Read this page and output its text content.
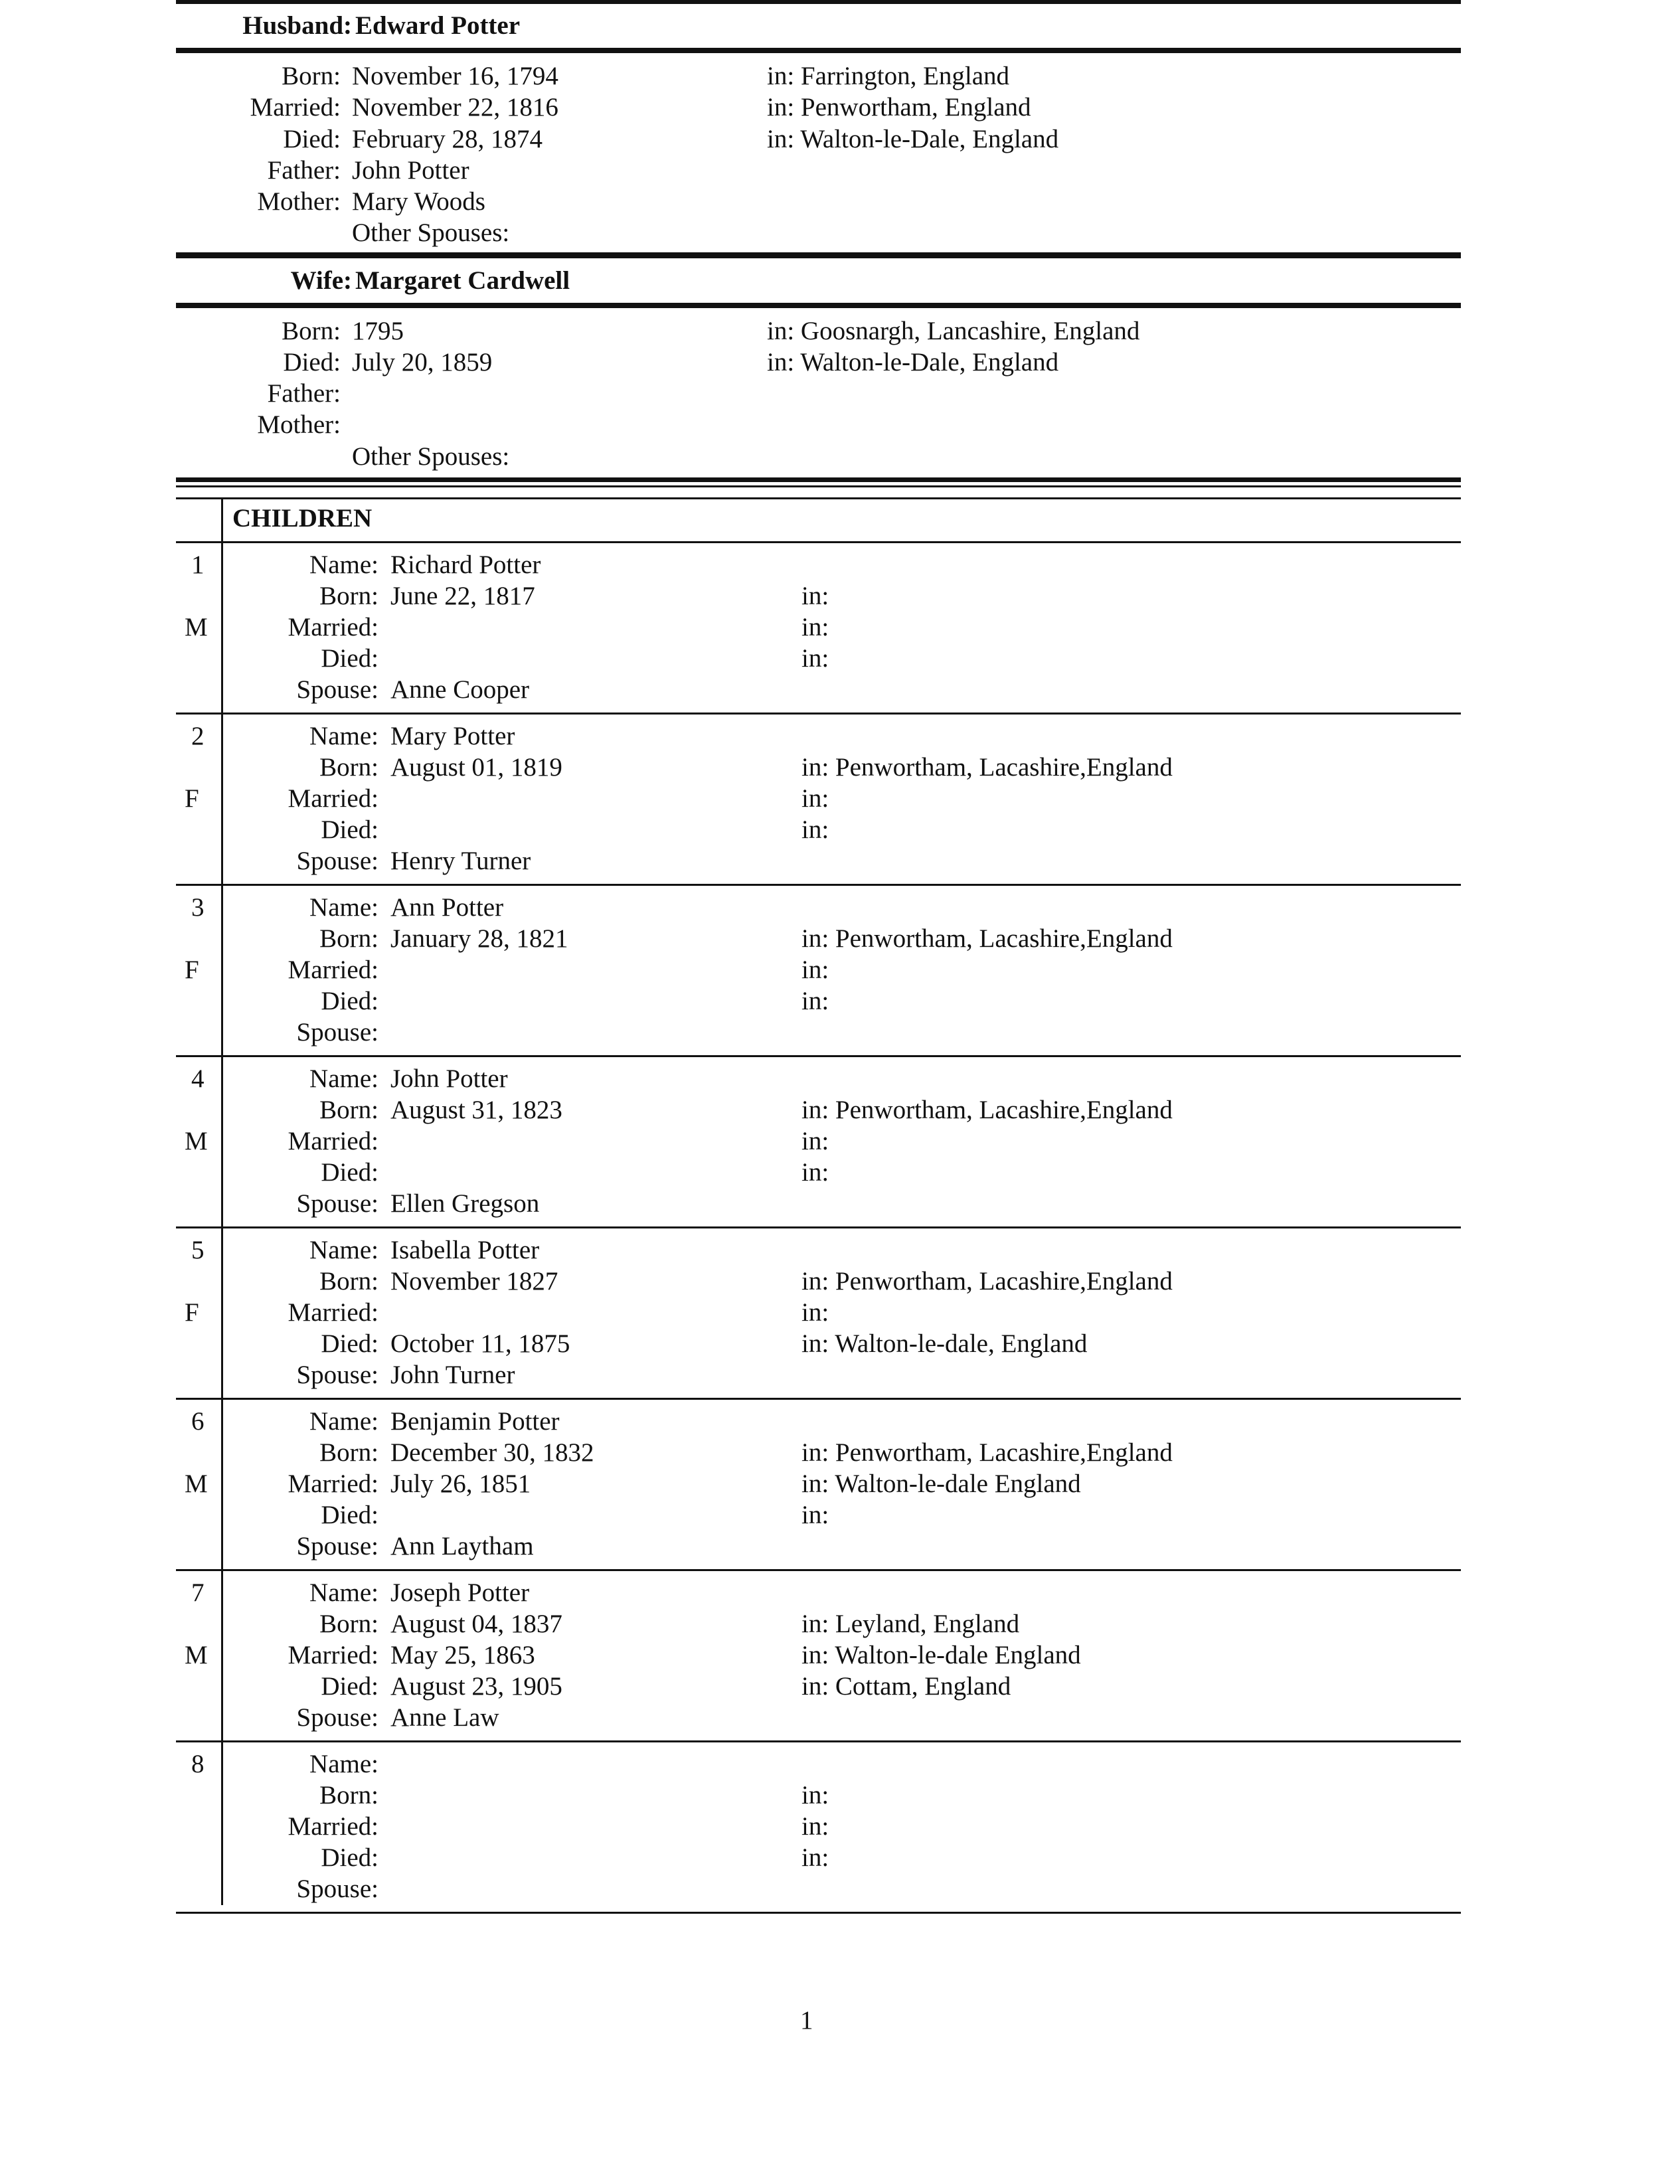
Husband: Edward Potter
Born: November 16, 1794	in: Farrington, England
Married: November 22, 1816	in: Penwortham, England
Died: February 28, 1874	in: Walton-le-Dale, England
Father: John Potter
Mother: Mary Woods
Other Spouses:
Wife: Margaret Cardwell
Born: 1795	in: Goosnargh, Lancashire, England
Died: July 20, 1859	in: Walton-le-Dale, England
Father:
Mother:
Other Spouses:
CHILDREN
1
M
Name: Richard Potter
Born: June 22, 1817	in:
Married:	in:
Died:	in:
Spouse: Anne Cooper
2
F
Name: Mary Potter
Born: August 01, 1819	in: Penwortham, Lacashire,England
Married:	in:
Died:	in:
Spouse: Henry Turner
3
F
Name: Ann Potter
Born: January 28, 1821	in: Penwortham, Lacashire,England
Married:	in:
Died:	in:
Spouse:
4
M
Name: John Potter
Born: August 31, 1823	in: Penwortham, Lacashire,England
Married:	in:
Died:	in:
Spouse: Ellen Gregson
5
F
Name: Isabella Potter
Born: November 1827	in: Penwortham, Lacashire,England
Married:	in:
Died: October 11, 1875	in: Walton-le-dale, England
Spouse: John Turner
6
M
Name: Benjamin Potter
Born: December 30, 1832	in: Penwortham, Lacashire,England
Married: July 26, 1851	in: Walton-le-dale England
Died:	in:
Spouse: Ann Laytham
7
M
Name: Joseph Potter
Born: August 04, 1837	in: Leyland, England
Married: May 25, 1863	in: Walton-le-dale England
Died: August 23, 1905	in: Cottam, England
Spouse: Anne Law
8	Name:
Born:	in:
Married:	in:
Died:	in:
Spouse:
1
